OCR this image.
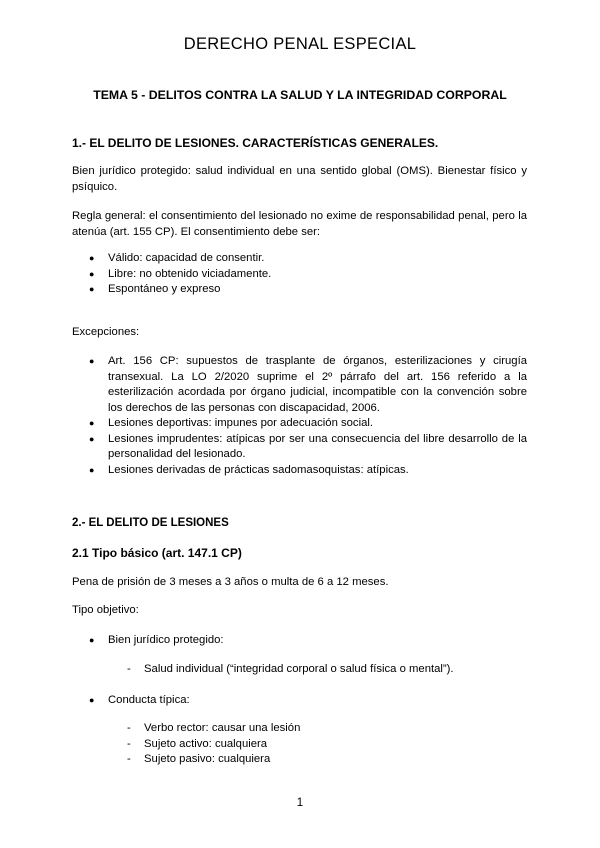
DERECHO PENAL ESPECIAL
TEMA 5 - DELITOS CONTRA LA SALUD Y LA INTEGRIDAD CORPORAL
1.- EL DELITO DE LESIONES. CARACTERÍSTICAS GENERALES.
Bien jurídico protegido: salud individual en una sentido global (OMS). Bienestar físico y psíquico.
Regla general: el consentimiento del lesionado no exime de responsabilidad penal, pero la atenúa (art. 155 CP). El consentimiento debe ser:
● Válido: capacidad de consentir.
● Libre: no obtenido viciadamente.
● Espontáneo y expreso
Excepciones:
● Art. 156 CP: supuestos de trasplante de órganos, esterilizaciones y cirugía transexual. La LO 2/2020 suprime el 2º párrafo del art. 156 referido a la esterilización acordada por órgano judicial, incompatible con la convención sobre los derechos de las personas con discapacidad, 2006.
● Lesiones deportivas: impunes por adecuación social.
● Lesiones imprudentes: atípicas por ser una consecuencia del libre desarrollo de la personalidad del lesionado.
● Lesiones derivadas de prácticas sadomasoquistas: atípicas.
2.- EL DELITO DE LESIONES
2.1 Tipo básico (art. 147.1 CP)
Pena de prisión de 3 meses a 3 años o multa de 6 a 12 meses.
Tipo objetivo:
● Bien jurídico protegido:
- Salud individual (“integridad corporal o salud física o mental”).
● Conducta típica:
- Verbo rector: causar una lesión
- Sujeto activo: cualquiera
- Sujeto pasivo: cualquiera
1
